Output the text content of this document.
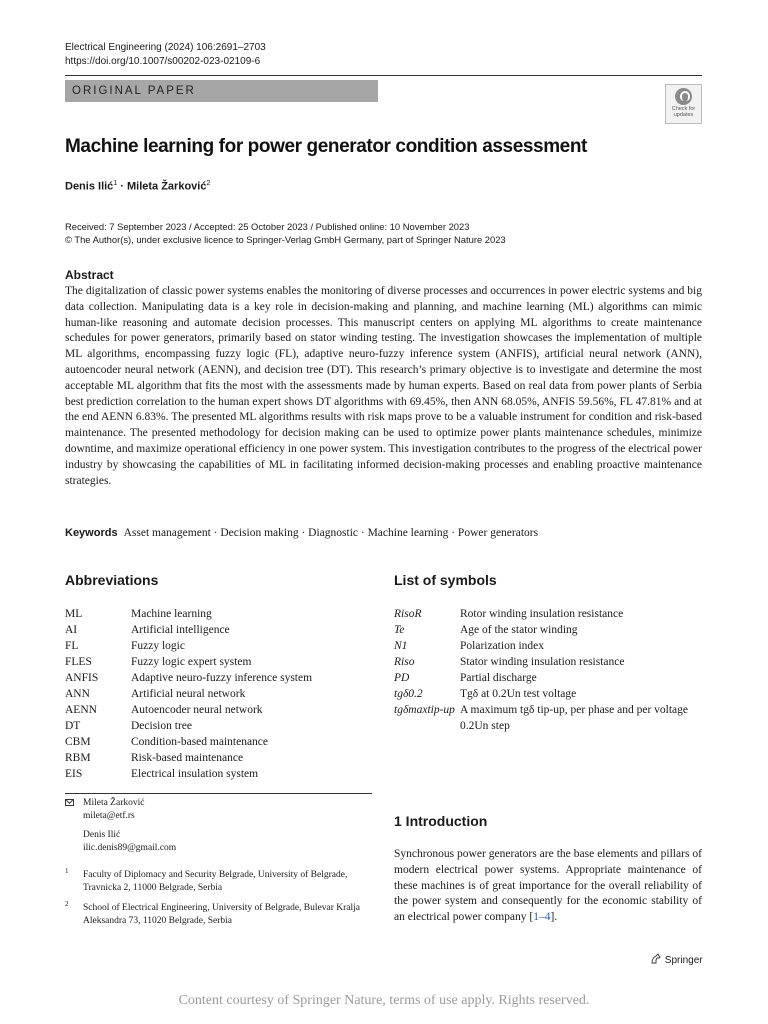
Electrical Engineering (2024) 106:2691–2703
https://doi.org/10.1007/s00202-023-02109-6
ORIGINAL PAPER
Check for
updates
Machine learning for power generator condition assessment
Denis Ilić$^1$ · Mileta Žarković$^2$
Received: 7 September 2023 / Accepted: 25 October 2023 / Published online: 10 November 2023
© The Author(s), under exclusive licence to Springer-Verlag GmbH Germany, part of Springer Nature 2023
Abstract
The digitalization of classic power systems enables the monitoring of diverse processes and occurrences in power electric systems and big data collection. Manipulating data is a key role in decision-making and planning, and machine learning (ML) algorithms can mimic human-like reasoning and automate decision processes. This manuscript centers on applying ML algorithms to create maintenance schedules for power generators, primarily based on stator winding testing. The investigation showcases the implementation of multiple ML algorithms, encompassing fuzzy logic (FL), adaptive neuro-fuzzy inference system (ANFIS), artificial neural network (ANN), autoencoder neural network (AENN), and decision tree (DT). This research’s primary objective is to investigate and determine the most acceptable ML algorithm that fits the most with the assessments made by human experts. Based on real data from power plants of Serbia best prediction correlation to the human expert shows DT algorithms with 69.45%, then ANN 68.05%, ANFIS 59.56%, FL 47.81% and at the end AENN 6.83%. The presented ML algorithms results with risk maps prove to be a valuable instrument for condition and risk-based maintenance. The presented methodology for decision making can be used to optimize power plants maintenance schedules, minimize downtime, and maximize operational efficiency in one power system. This investigation contributes to the progress of the electrical power industry by showcasing the capabilities of ML in facilitating informed decision-making processes and enabling proactive maintenance strategies.
Keywords Asset management · Decision making · Diagnostic · Machine learning · Power generators
Abbreviations
ML	Machine learning
AI	Artificial intelligence
FL	Fuzzy logic
FLES	Fuzzy logic expert system
ANFIS	Adaptive neuro-fuzzy inference system
ANN	Artificial neural network
AENN	Autoencoder neural network
DT	Decision tree
CBM	Condition-based maintenance
RBM	Risk-based maintenance
EIS	Electrical insulation system
List of symbols
RisoR	Rotor winding insulation resistance
Te	Age of the stator winding
N1	Polarization index
Riso	Stator winding insulation resistance
PD	Partial discharge
tgδ0.2	Tgδ at 0.2Un test voltage
tgδmaxtip-up A maximum tgδ tip-up, per phase and per voltage 0.2Un step
Mileta Žarković
mileta@etf.rs
Denis Ilić
ilic.denis89@gmail.com
1 Faculty of Diplomacy and Security Belgrade, University of Belgrade, Travnicka 2, 11000 Belgrade, Serbia
2 School of Electrical Engineering, University of Belgrade, Bulevar Kralja Aleksandra 73, 11020 Belgrade, Serbia
1 Introduction
Synchronous power generators are the base elements and pillars of modern electrical power systems. Appropriate maintenance of these machines is of great importance for the overall reliability of the power system and consequently for the economic stability of an electrical power company [1–4].
Springer
Content courtesy of Springer Nature, terms of use apply. Rights reserved.
